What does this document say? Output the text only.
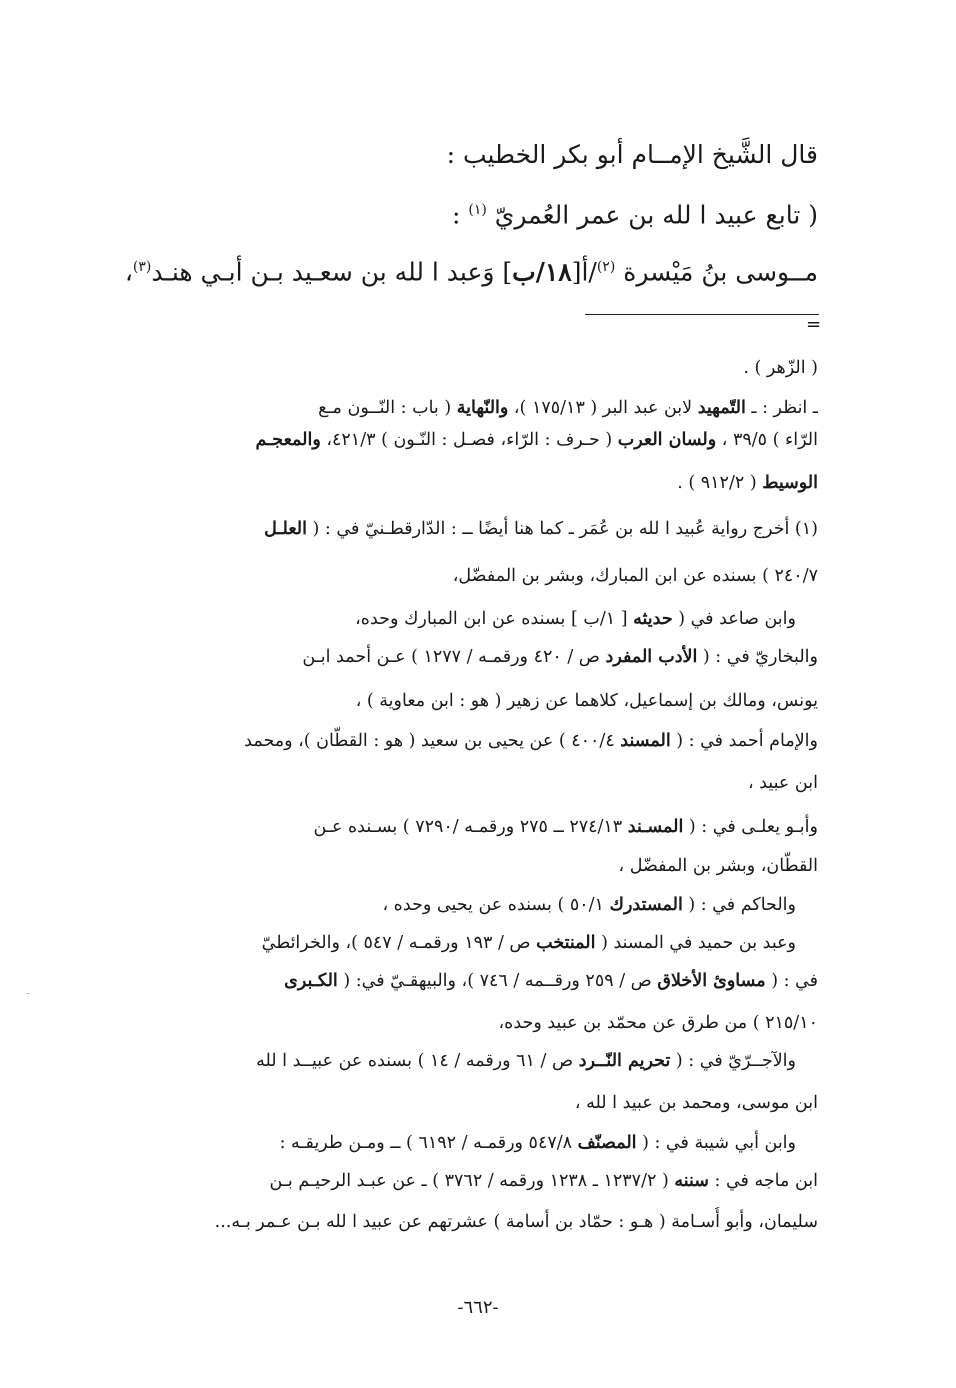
قال الشَّيخ الإمــام أبو بكر الخطيب :
( تابع عبيد ا لله بن عمر العُمريّ $^{(١)}$ :
مــوسى بنُ مَيْسرة $^{(٢)}$/أ[١٨/ب] وَعبد ا لله بن سعـيد بـن أبـي هنـد$^{(٣)}$،
=
( الزّهر ) .
ـ انظر : ـ التّمهيد لابن عبد البر ( ١٧٥/١٣ )، والنّهاية ( باب : النّــون مـع
الرّاء ) ٣٩/٥ ، ولسان العرب ( حـرف : الرّاء، فصـل : النّـون ) ٤٢١/٣، والمعجـم
الوسيط ( ٩١٢/٢ ) .
(١) أخرج رواية عُبيد ا لله بن عُمَر ـ كما هنا أيضًا ــ : الدّارقطـنيّ في : ( العلـل
٢٤٠/٧ ) بسنده عن ابن المبارك، وبشر بن المفضّل،
وابن صاعد في ( حديثه [ ١/ب ] بسنده عن ابن المبارك وحده،
والبخاريّ في : ( الأدب المفرد ص / ٤٢٠ ورقمـه / ١٢٧٧ ) عـن أحمد ابـن
يونس، ومالك بن إسماعيل، كلاهما عن زهير ( هو : ابن معاوية ) ،
والإمام أحمد في : ( المسند ٤٠٠/٤ ) عن يحيى بن سعيد ( هو : القطّان )، ومحمد
ابن عبيد ،
وأبـو يعلـى في : ( المسـند ٢٧٤/١٣ ــ ٢٧٥ ورقمـه /٧٢٩٠ ) بسـنده عـن
القطّان، وبشر بن المفضّل ،
والحاكم في : ( المستدرك ٥٠/١ ) بسنده عن يحيى وحده ،
وعبد بن حميد في المسند ( المنتخب ص / ١٩٣ ورقمـه / ٥٤٧ )، والخرائطيّ
في : ( مساوئ الأخلاق ص / ٢٥٩ ورقــمه / ٧٤٦ )، والبيهقـيّ في: ( الكـبرى
٢١٥/١٠ ) من طرق عن محمّد بن عبيد وحده،
والآجــرّيّ في : ( تحريم النّــرد ص / ٦١ ورقمه / ١٤ ) بسنده عن عبيــد ا لله
ابن موسى، ومحمد بن عبيد ا لله ،
وابن أبي شيبة في : ( المصنّف ٥٤٧/٨ ورقمـه / ٦١٩٢ ) ــ ومـن طريقـه :
ابن ماجه في : سننه ( ١٢٣٧/٢ ـ ١٢٣٨ ورقمه / ٣٧٦٢ ) ـ عن عبـد الرحيـم بـن
سليمان، وأبو أُسـامة ( هـو : حمّاد بن أسامة ) عشرتهم عن عبيد ا لله بـن عـمر بـه...
-٦٦٢-
